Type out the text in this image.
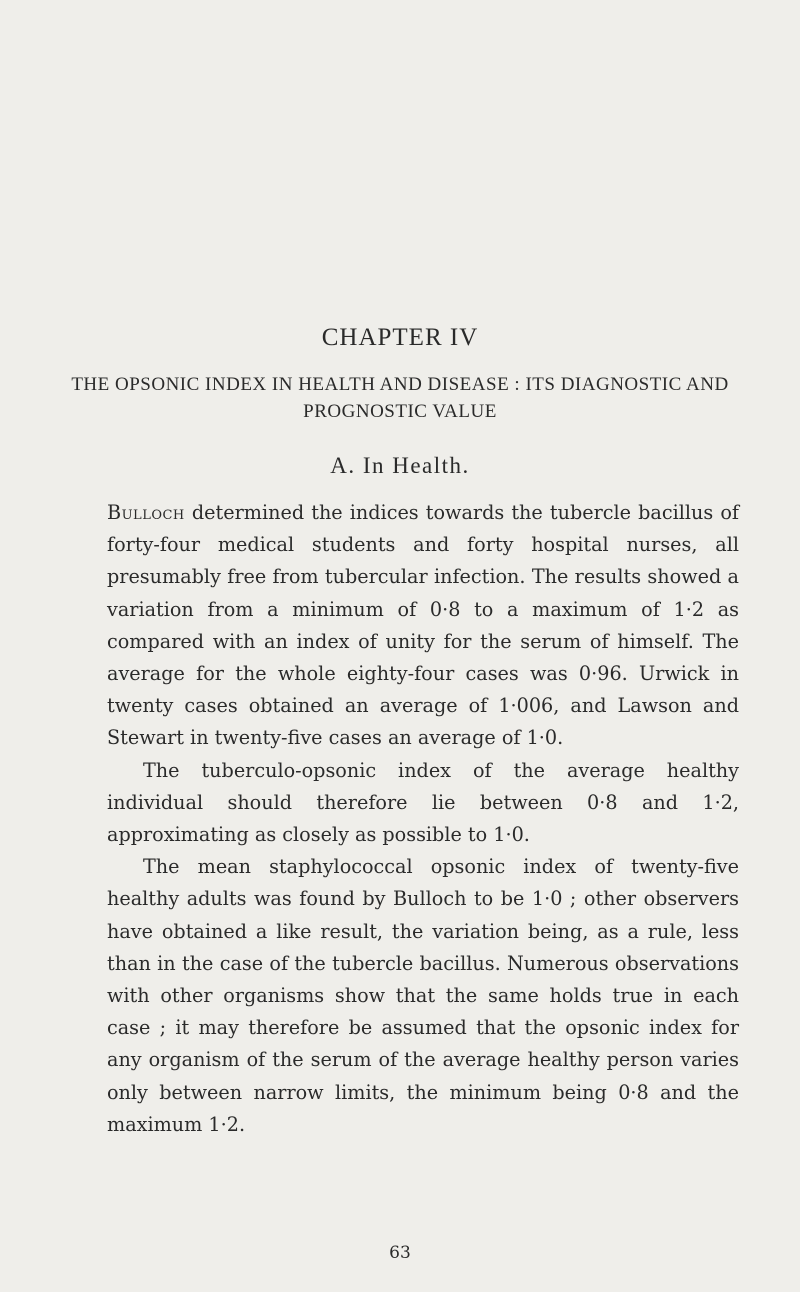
CHAPTER IV
THE OPSONIC INDEX IN HEALTH AND DISEASE : ITS DIAGNOSTIC AND PROGNOSTIC VALUE
A. In Health.

Bulloch determined the indices towards the tubercle bacillus of forty-four medical students and forty hospital nurses, all presumably free from tubercular infection. The results showed a variation from a minimum of 0·8 to a maximum of 1·2 as compared with an index of unity for the serum of himself. The average for the whole eighty-four cases was 0·96. Urwick in twenty cases obtained an average of 1·006, and Lawson and Stewart in twenty-five cases an average of 1·0.

The tuberculo-opsonic index of the average healthy individual should therefore lie between 0·8 and 1·2, approximating as closely as possible to 1·0.

The mean staphylococcal opsonic index of twenty-five healthy adults was found by Bulloch to be 1·0 ; other observers have obtained a like result, the variation being, as a rule, less than in the case of the tubercle bacillus. Numerous observations with other organisms show that the same holds true in each case ; it may therefore be assumed that the opsonic index for any organism of the serum of the average healthy person varies only between narrow limits, the minimum being 0·8 and the maximum 1·2.

63
